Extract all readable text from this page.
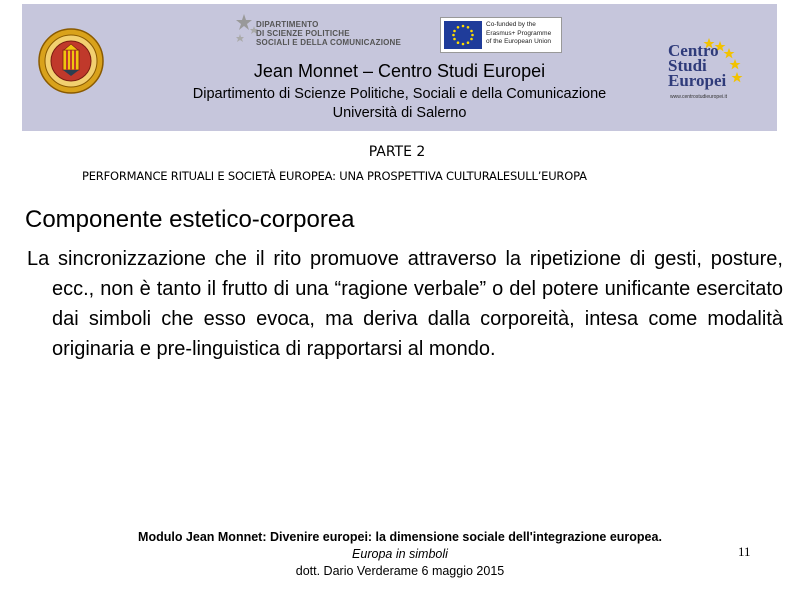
DIPARTIMENTO
DI SCIENZE POLITICHE
SOCIALI E DELLA COMUNICAZIONE
Co-funded by the
Erasmus+ Programme
of the European Union	Centro
Studi
Europei
www.centrostudieuropei.it
Jean Monnet – Centro Studi Europei
Dipartimento di Scienze Politiche, Sociali e della Comunicazione
Università di Salerno
PARTE 2
PERFORMANCE RITUALI E SOCIETÀ EUROPEA: UNA PROSPETTIVA CULTURALESULL’EUROPA
Componente estetico-corporea
La sincronizzazione che il rito promuove attraverso la ripetizione di gesti, posture, ecc., non è tanto il frutto di una “ragione verbale” o del potere unificante esercitato dai simboli che esso evoca, ma deriva dalla corporeità, intesa come modalità originaria e pre-linguistica di rapportarsi al mondo.
Modulo Jean Monnet: Divenire europei: la dimensione sociale dell'integrazione europea.
Europa in simboli
dott. Dario Verderame 6 maggio 2015
11
